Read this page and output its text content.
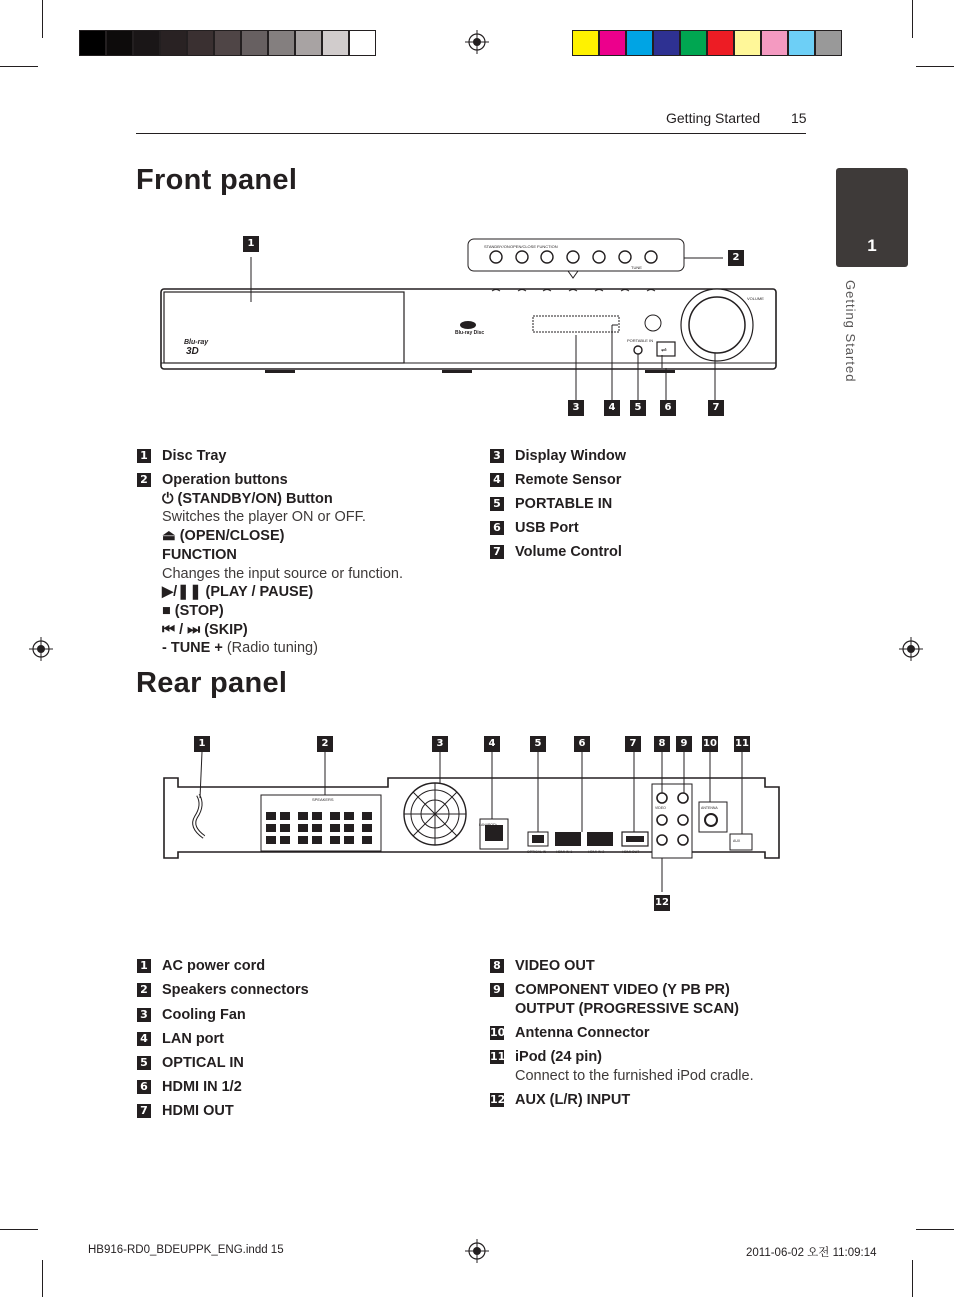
Getting Started 15
1
Getting Started
Front panel
1
2
3	4	5	6	7
STANDBY/ON OPEN/CLOSE FUNCTION
TUNE
Blu-ray
3D
Blu-ray Disc
PORTABLE IN
⇌
VOLUME
1 Disc Tray
2 Operation buttons
⏻ (STANDBY/ON) Button
Switches the player ON or OFF.
⏏ (OPEN/CLOSE)
FUNCTION
Changes the input source or function.
▶/❚❚ (PLAY / PAUSE)
■ (STOP)
⏮ / ⏭ (SKIP)
- TUNE + (Radio tuning)
3 Display Window
4 Remote Sensor
5 PORTABLE IN
6 USB Port
7 Volume Control
Rear panel
1	2	3	4	5	6	7	8	9	10 11
12
SPEAKERS
LAN(IPOD)
OPTICAL IN	HDMI IN 1	HDMI IN 2	HDMI OUT
VIDEO	ANTENNA
AUX
1 AC power cord
2 Speakers connectors
3 Cooling Fan
4 LAN port
5 OPTICAL IN
6 HDMI IN 1/2
7 HDMI OUT
8 VIDEO OUT
9 COMPONENT VIDEO (Y PB PR)
OUTPUT (PROGRESSIVE SCAN)
10 Antenna Connector
11 iPod (24 pin)
Connect to the furnished iPod cradle.
12 AUX (L/R) INPUT
HB916-RD0_BDEUPPK_ENG.indd 15	2011-06-02 오전 11:09:14
